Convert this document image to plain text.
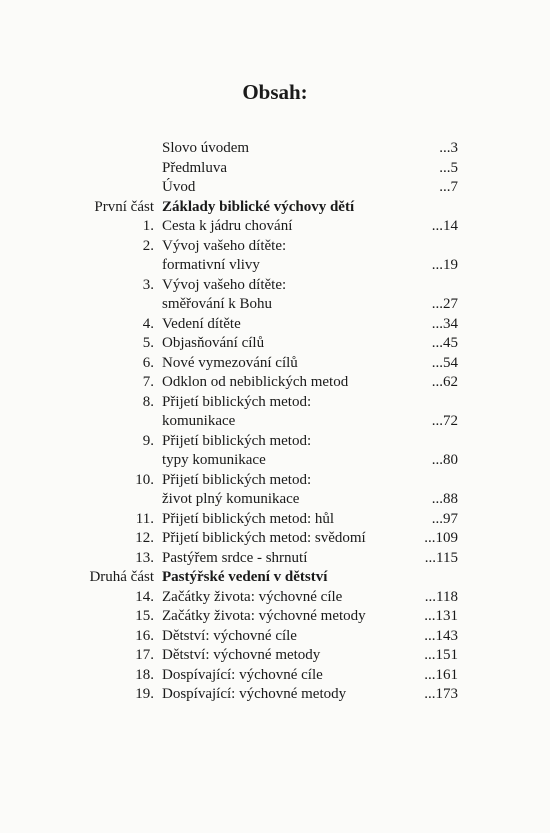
Obsah:
Slovo úvodem	...3
Předmluva	...5
Úvod	...7
První část Základy biblické výchovy dětí
1. Cesta k jádru chování	...14
2. Vývoj vašeho dítěte:
formativní vlivy	...19
3. Vývoj vašeho dítěte:
směřování k Bohu	...27
4. Vedení dítěte	...34
5. Objasňování cílů	...45
6. Nové vymezování cílů	...54
7. Odklon od nebiblických metod	...62
8. Přijetí biblických metod:
komunikace	...72
9. Přijetí biblických metod:
typy komunikace	...80
10. Přijetí biblických metod:
život plný komunikace	...88
11. Přijetí biblických metod: hůl	...97
12. Přijetí biblických metod: svědomí	...109
13. Pastýřem srdce - shrnutí	...115
Druhá část Pastýřské vedení v dětství
14. Začátky života: výchovné cíle	...118
15. Začátky života: výchovné metody	...131
16. Dětství: výchovné cíle	...143
17. Dětství: výchovné metody	...151
18. Dospívající: výchovné cíle	...161
19. Dospívající: výchovné metody	...173
